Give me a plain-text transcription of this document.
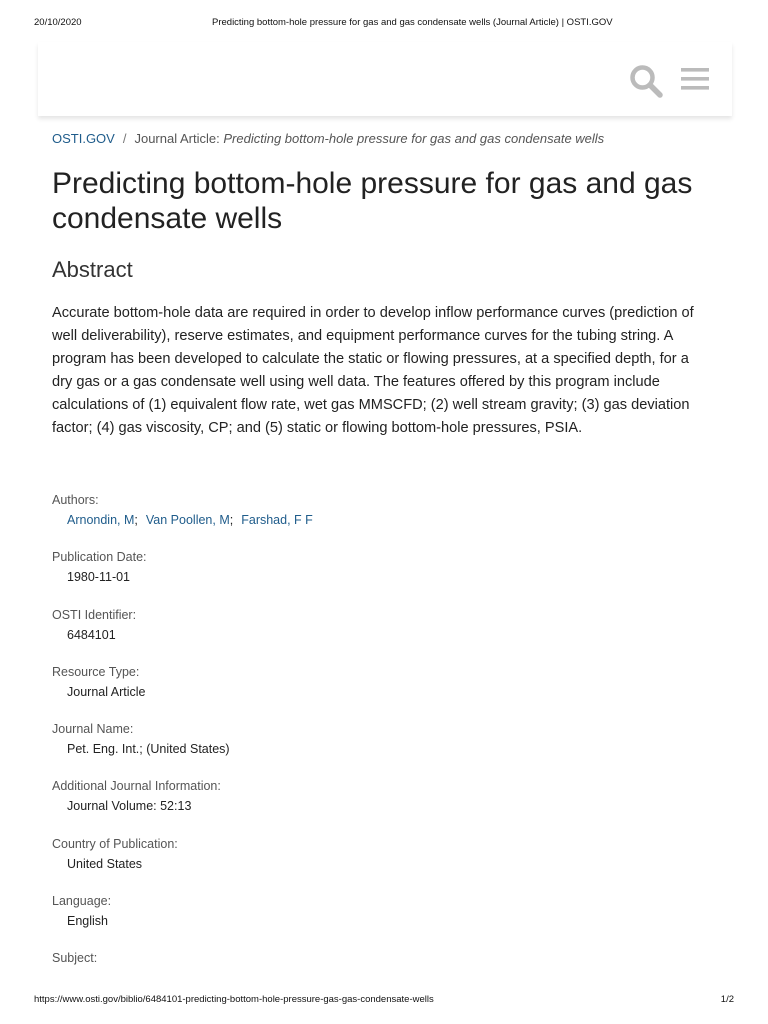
20/10/2020	Predicting bottom-hole pressure for gas and gas condensate wells (Journal Article) | OSTI.GOV
OSTI.GOV / Journal Article: Predicting bottom-hole pressure for gas and gas condensate wells
Predicting bottom-hole pressure for gas and gas condensate wells
Abstract

Accurate bottom-hole data are required in order to develop inflow performance curves (prediction of well deliverability), reserve estimates, and equipment performance curves for the tubing string. A program has been developed to calculate the static or flowing pressures, at a specified depth, for a dry gas or a gas condensate well using well data. The features offered by this program include calculations of (1) equivalent flow rate, wet gas MMSCFD; (2) well stream gravity; (3) gas deviation factor; (4) gas viscosity, CP; and (5) static or flowing bottom-hole pressures, PSIA.

Authors:
Arnondin, M; Van Poollen, M; Farshad, F F
Publication Date:
1980-11-01
OSTI Identifier:
6484101
Resource Type:
Journal Article
Journal Name:
Pet. Eng. Int.; (United States)
Additional Journal Information:
Journal Volume: 52:13
Country of Publication:
United States
Language:
English
Subject:
https://www.osti.gov/biblio/6484101-predicting-bottom-hole-pressure-gas-gas-condensate-wells	1/2
